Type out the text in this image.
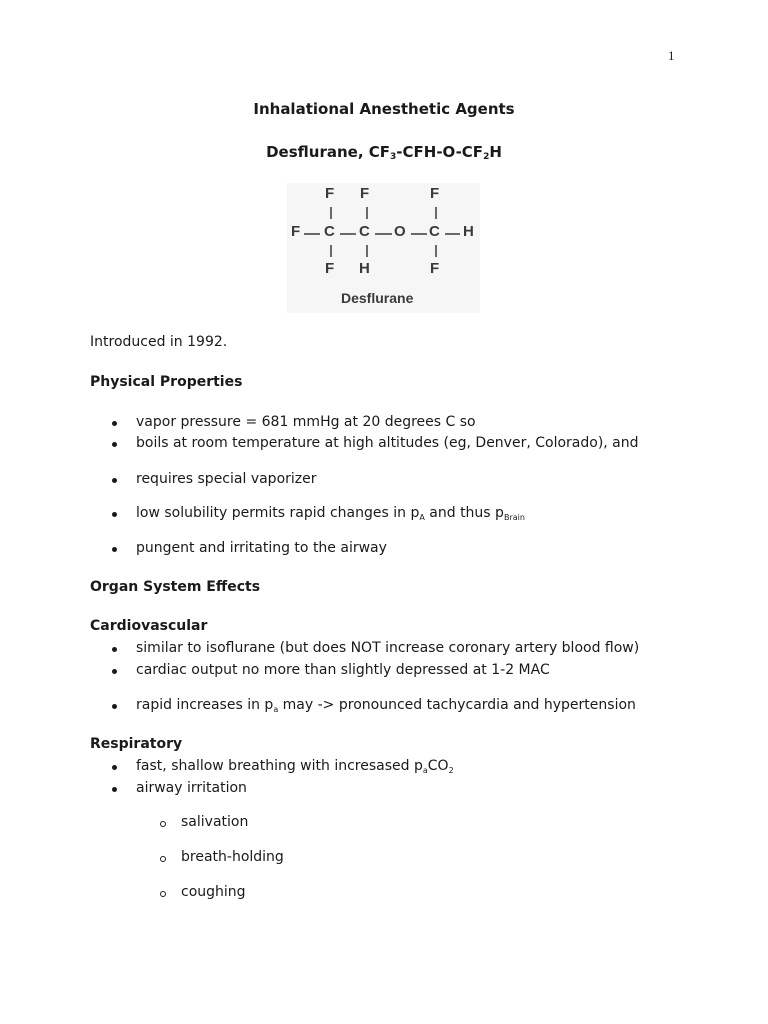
1
Inhalational Anesthetic Agents
Desflurane, $CF_3-CFH-O-CF_2H$
F F	F
F C C O C H
F H	F
Desflurane
Introduced in 1992.
Physical Properties
vapor pressure = 681 mmHg at 20 degrees C so
boils at room temperature at high altitudes (eg, Denver, Colorado), and
requires special vaporizer
low solubility permits rapid changes in $p_A$ and thus $p_{Brain}$
pungent and irritating to the airway
Organ System Effects
Cardiovascular
similar to isoflurane (but does NOT increase coronary artery blood flow)
cardiac output no more than slightly depressed at 1-2 MAC
rapid increases in $p_a$ may -> pronounced tachycardia and hypertension
Respiratory
fast, shallow breathing with incresased $p_aCO_2$
airway irritation
salivation
breath-holding
coughing
